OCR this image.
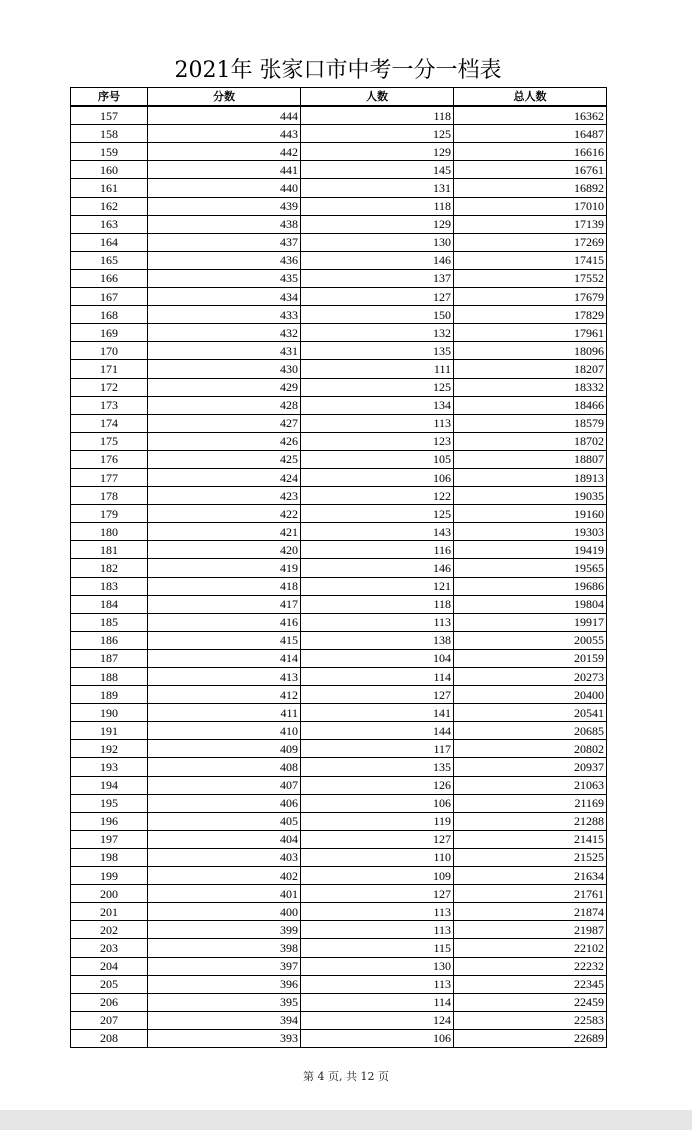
2021年 张家口市中考一分一档表
序号	分数	人数	总人数
157	444	118	16362
158	443	125	16487
159	442	129	16616
160	441	145	16761
161	440	131	16892
162	439	118	17010
163	438	129	17139
164	437	130	17269
165	436	146	17415
166	435	137	17552
167	434	127	17679
168	433	150	17829
169	432	132	17961
170	431	135	18096
171	430	111	18207
172	429	125	18332
173	428	134	18466
174	427	113	18579
175	426	123	18702
176	425	105	18807
177	424	106	18913
178	423	122	19035
179	422	125	19160
180	421	143	19303
181	420	116	19419
182	419	146	19565
183	418	121	19686
184	417	118	19804
185	416	113	19917
186	415	138	20055
187	414	104	20159
188	413	114	20273
189	412	127	20400
190	411	141	20541
191	410	144	20685
192	409	117	20802
193	408	135	20937
194	407	126	21063
195	406	106	21169
196	405	119	21288
197	404	127	21415
198	403	110	21525
199	402	109	21634
200	401	127	21761
201	400	113	21874
202	399	113	21987
203	398	115	22102
204	397	130	22232
205	396	113	22345
206	395	114	22459
207	394	124	22583
208	393	106	22689
第 4 页, 共 12 页
